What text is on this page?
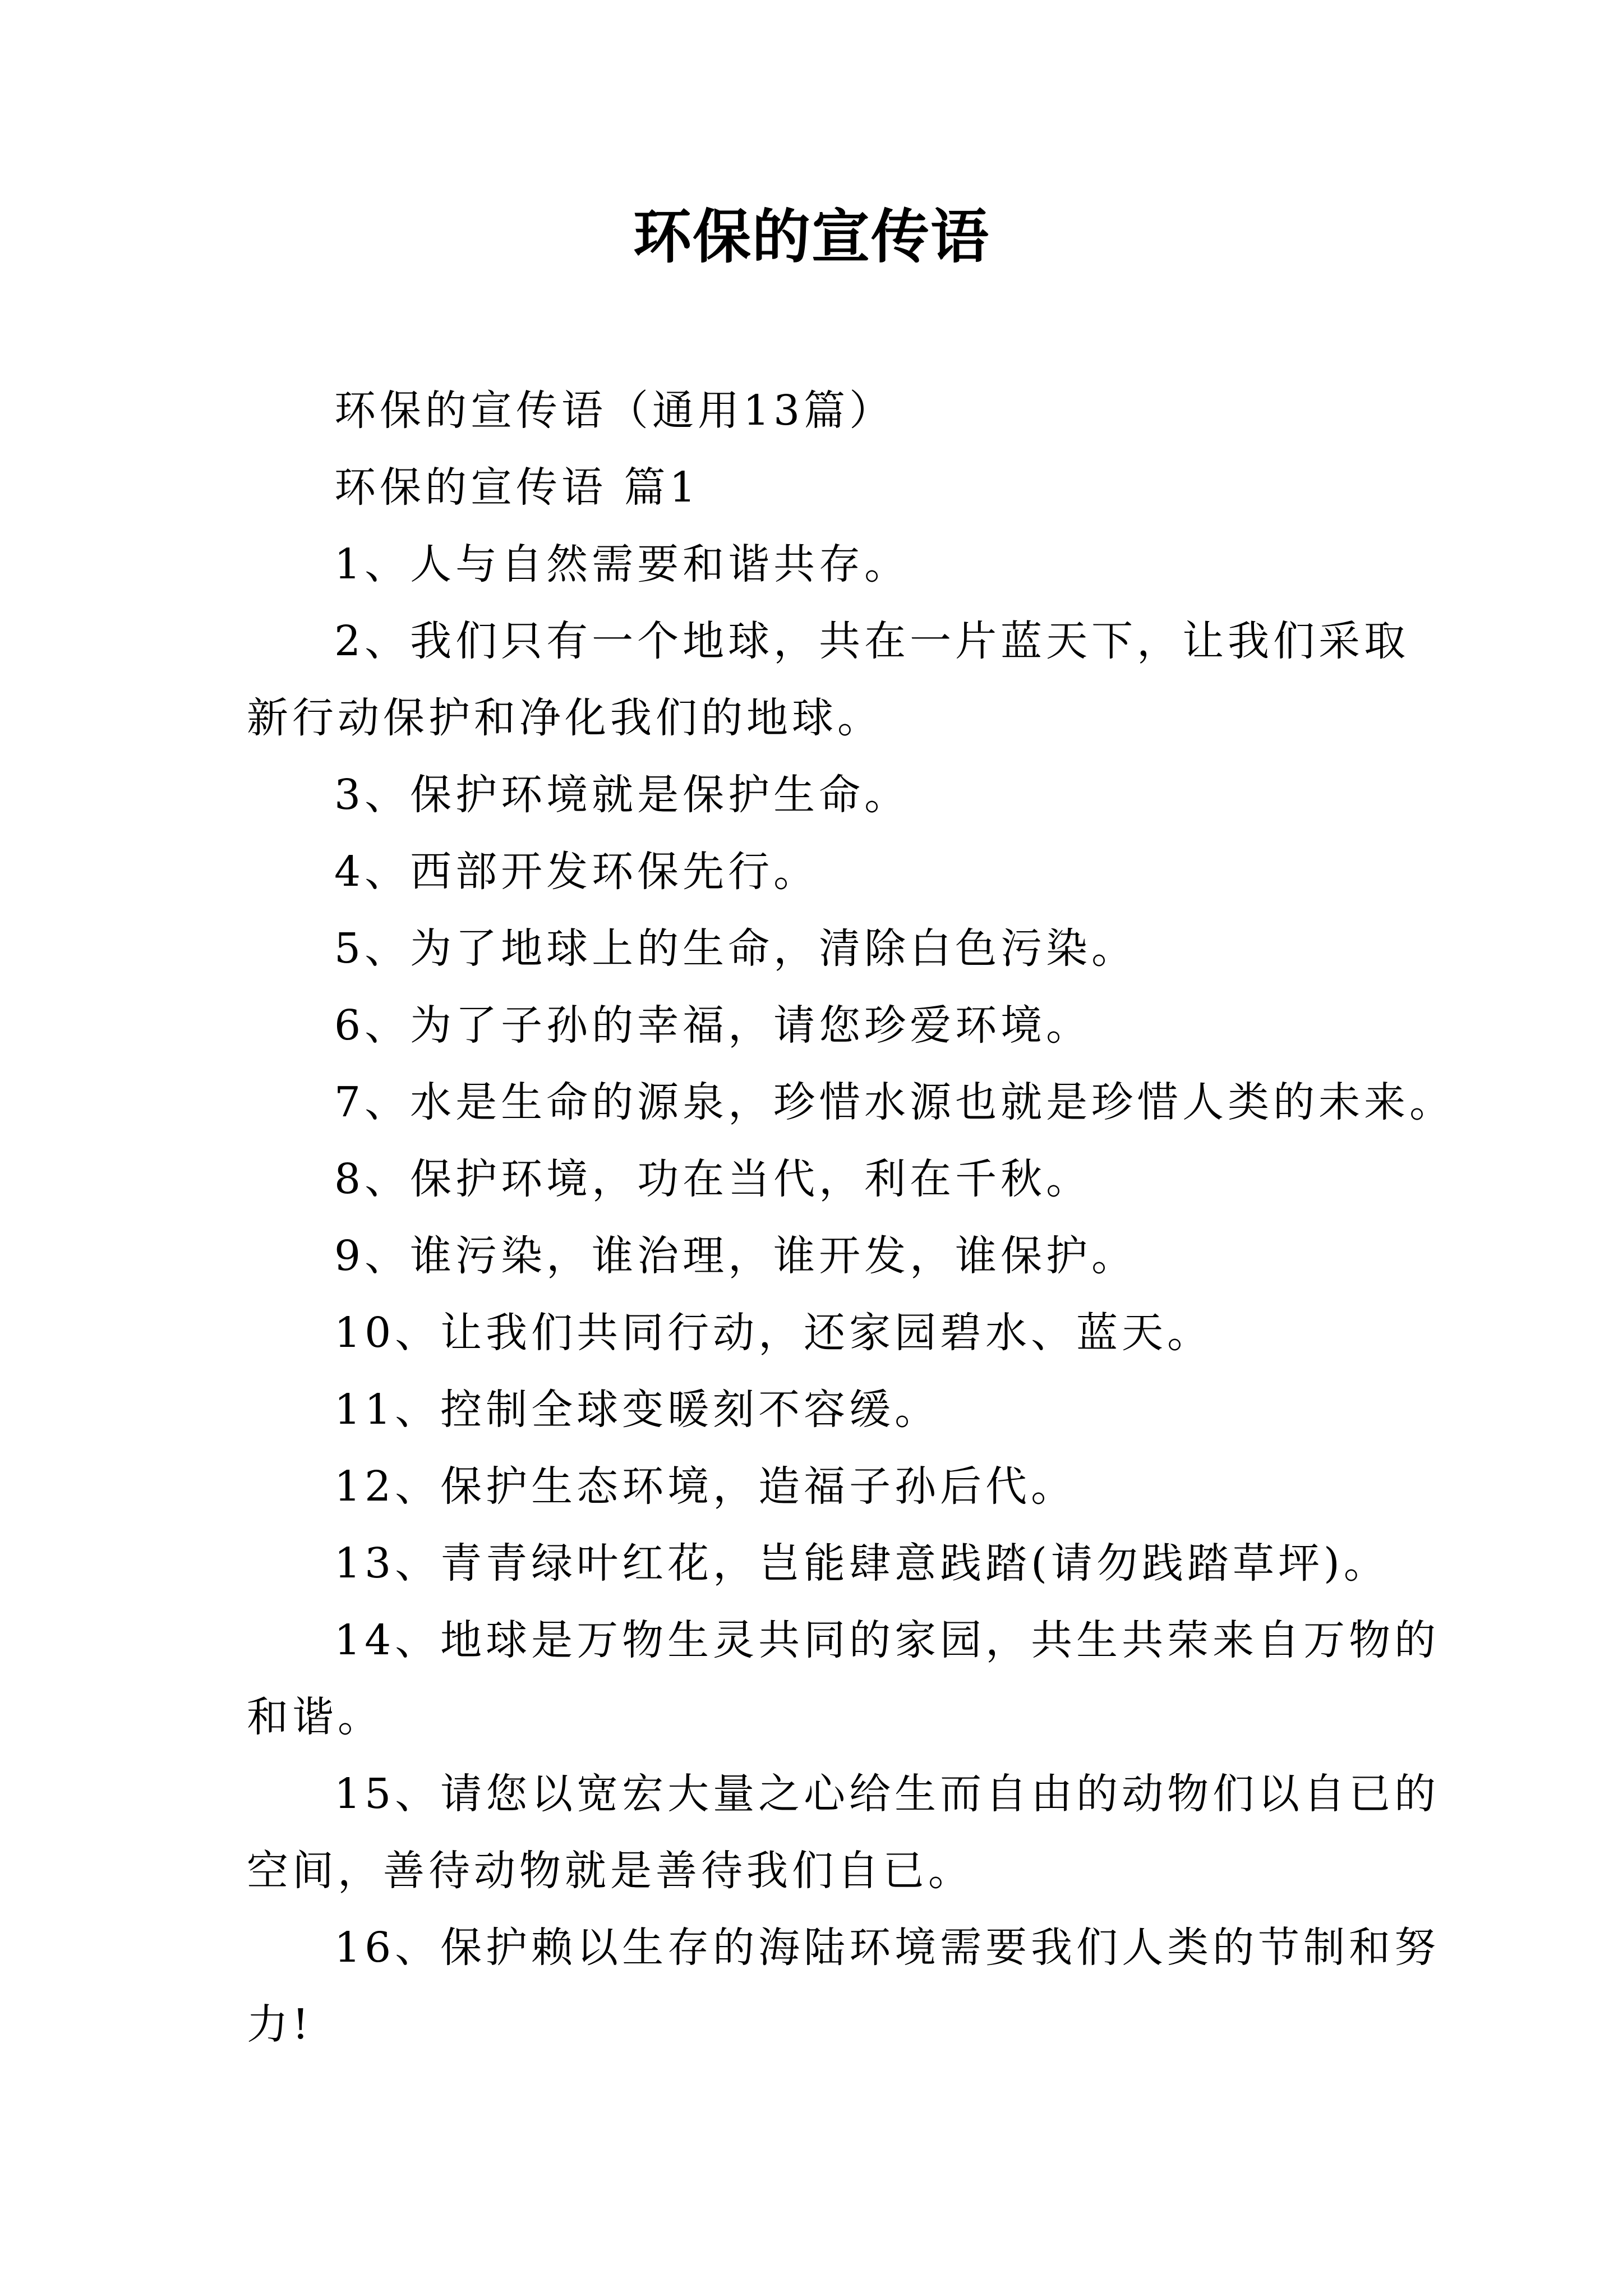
环保的宣传语

环保的宣传语（通用13篇）

环保的宣传语 篇1

1、人与自然需要和谐共存。

2、我们只有一个地球，共在一片蓝天下，让我们采取
新行动保护和净化我们的地球。

3、保护环境就是保护生命。

4、西部开发环保先行。

5、为了地球上的生命，清除白色污染。

6、为了子孙的幸福，请您珍爱环境。

7、水是生命的源泉，珍惜水源也就是珍惜人类的未来。

8、保护环境，功在当代，利在千秋。

9、谁污染，谁治理，谁开发，谁保护。

10、让我们共同行动，还家园碧水、蓝天。

11、控制全球变暖刻不容缓。

12、保护生态环境，造福子孙后代。

13、青青绿叶红花，岂能肆意践踏(请勿践踏草坪)。

14、地球是万物生灵共同的家园，共生共荣来自万物的
和谐。

15、请您以宽宏大量之心给生而自由的动物们以自已的
空间，善待动物就是善待我们自已。

16、保护赖以生存的海陆环境需要我们人类的节制和努
力!
